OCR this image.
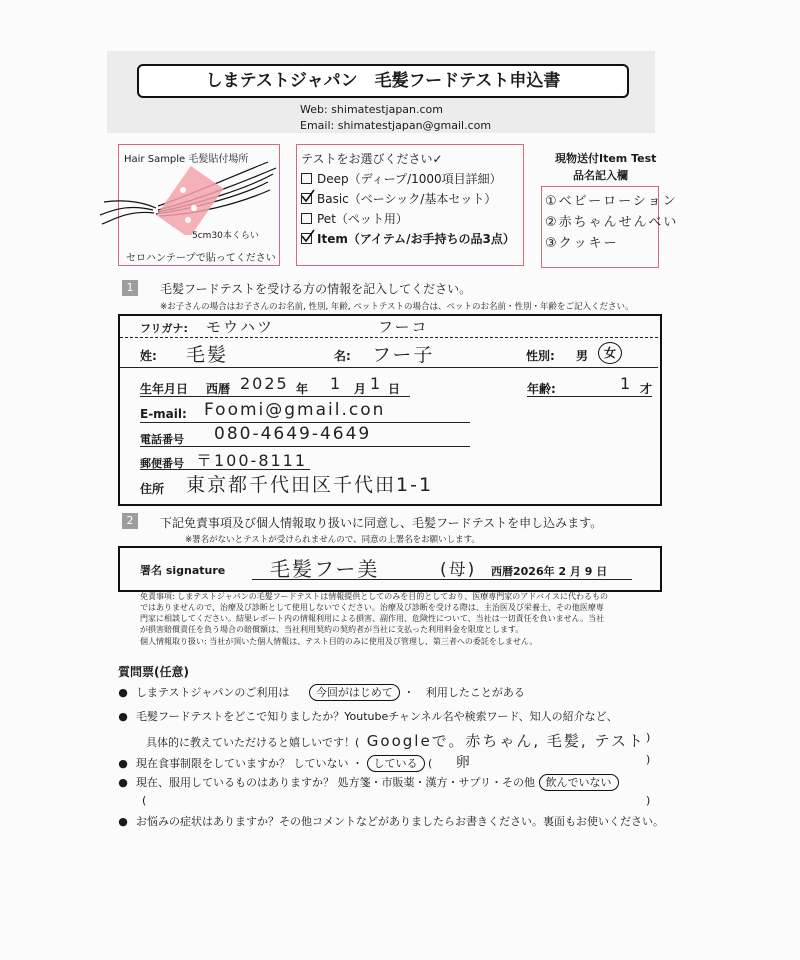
しまテストジャパン　毛髪フードテスト申込書
Web: shimatestjapan.com
Email: shimatestjapan@gmail.com
Hair Sample 毛髪貼付場所
5cm30本くらい
セロハンテープで貼ってください
テストをお選びください✓
Deep（ディープ/1000項目詳細）
Basic（ベーシック/基本セット）
Pet（ペット用）
Item（アイテム/お手持ちの品3点）
現物送付Item Test
品名記入欄
①ベビーローション
②赤ちゃんせんべい
③クッキー
1	毛髪フードテストを受ける方の情報を記入してください。
※お子さんの場合はお子さんのお名前, 性別, 年齢, ペットテストの場合は、ペットのお名前・性別・年齢をご記入ください。
フリガナ: モウハツ	フーコ
姓: 毛髪	名: フー子	性別: 男	女
生年月日 西暦 2025 年 1 月 1 日	年齢:	1 才
E-mail: Foomi@gmail.con
電話番号 080-4649-4649
郵便番号 〒100-8111
住所 東京都千代田区千代田1-1
2	下記免責事項及び個人情報取り扱いに同意し、毛髪フードテストを申し込みます。
※署名がないとテストが受けられませんので、同意の上署名をお願いします。
署名 signature 毛髪フー美	(母) 西暦2026年 2 月 9 日
免責事項: しまテストジャパンの毛髪フードテストは情報提供としてのみを目的としており、医療専門家のアドバイスに代わるもの
ではありませんので、治療及び診断として使用しないでください。治療及び診断を受ける際は、主治医及び栄養士、その他医療専
門家に相談してください。結果レポート内の情報利用による損害、副作用、危険性について、当社は一切責任を負いません。当社
が損害賠償責任を負う場合の賠償額は、当社利用契約の契約者が当社に支払った利用料金を限度とします。
個人情報取り扱い: 当社が頂いた個人情報は、テスト目的のみに使用及び管理し、第三者への委託をしません。
質問票(任意)
● しまテストジャパンのご利用は 今回がはじめて ・ 利用したことがある
● 毛髪フードテストをどこで知りましたか？Youtubeチャンネル名や検索ワード、知人の紹介など、
具体的に教えていただけると嬉しいです！( Googleで。赤ちゃん, 毛髪, テスト )
● 現在食事制限をしていますか？ していない ・ している ( 卵	)
● 現在、服用しているものはありますか？ 処方箋・市販薬・漢方・サプリ・その他 飲んでいない
(	)
● お悩みの症状はありますか？その他コメントなどがありましたらお書きください。裏面もお使いください。
